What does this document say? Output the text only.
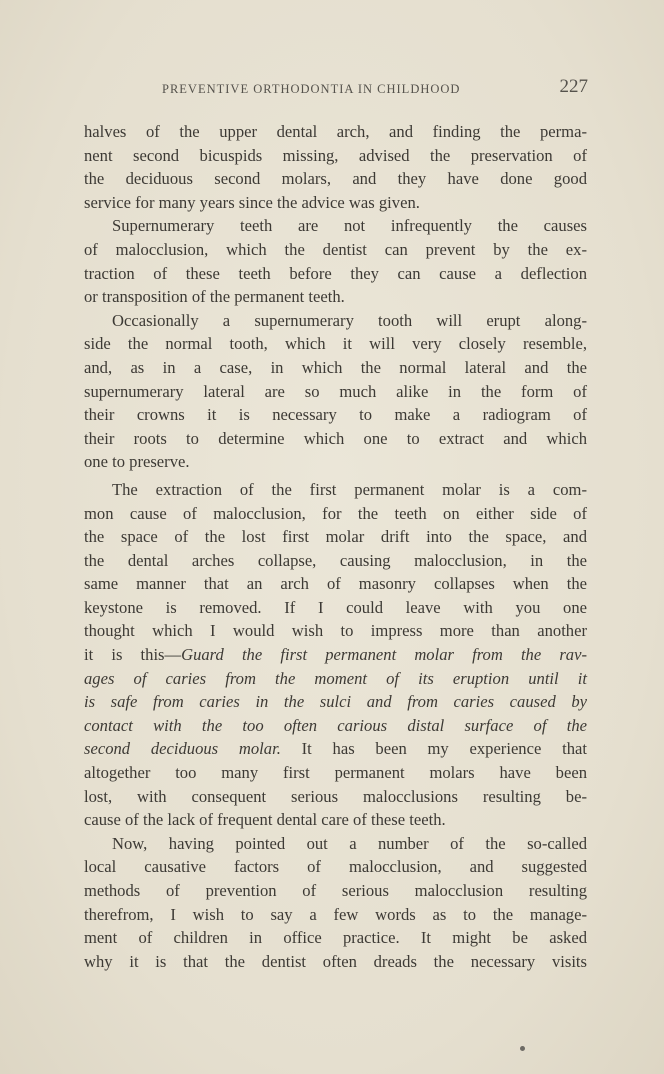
PREVENTIVE ORTHODONTIA IN CHILDHOOD	227
halves of the upper dental arch, and finding the perma-
nent second bicuspids missing, advised the preservation of
the deciduous second molars, and they have done good
service for many years since the advice was given.
Supernumerary teeth are not infrequently the causes
of malocclusion, which the dentist can prevent by the ex-
traction of these teeth before they can cause a deflection
or transposition of the permanent teeth.
Occasionally a supernumerary tooth will erupt along-
side the normal tooth, which it will very closely resemble,
and, as in a case, in which the normal lateral and the
supernumerary lateral are so much alike in the form of
their crowns it is necessary to make a radiogram of
their roots to determine which one to extract and which
one to preserve.
The extraction of the first permanent molar is a com-
mon cause of malocclusion, for the teeth on either side of
the space of the lost first molar drift into the space, and
the dental arches collapse, causing malocclusion, in the
same manner that an arch of masonry collapses when the
keystone is removed. If I could leave with you one
thought which I would wish to impress more than another
it is this—Guard the first permanent molar from the rav-
ages of caries from the moment of its eruption until it
is safe from caries in the sulci and from caries caused by
contact with the too often carious distal surface of the
second deciduous molar. It has been my experience that
altogether too many first permanent molars have been
lost, with consequent serious malocclusions resulting be-
cause of the lack of frequent dental care of these teeth.
Now, having pointed out a number of the so-called
local causative factors of malocclusion, and suggested
methods of prevention of serious malocclusion resulting
therefrom, I wish to say a few words as to the manage-
ment of children in office practice. It might be asked
why it is that the dentist often dreads the necessary visits
